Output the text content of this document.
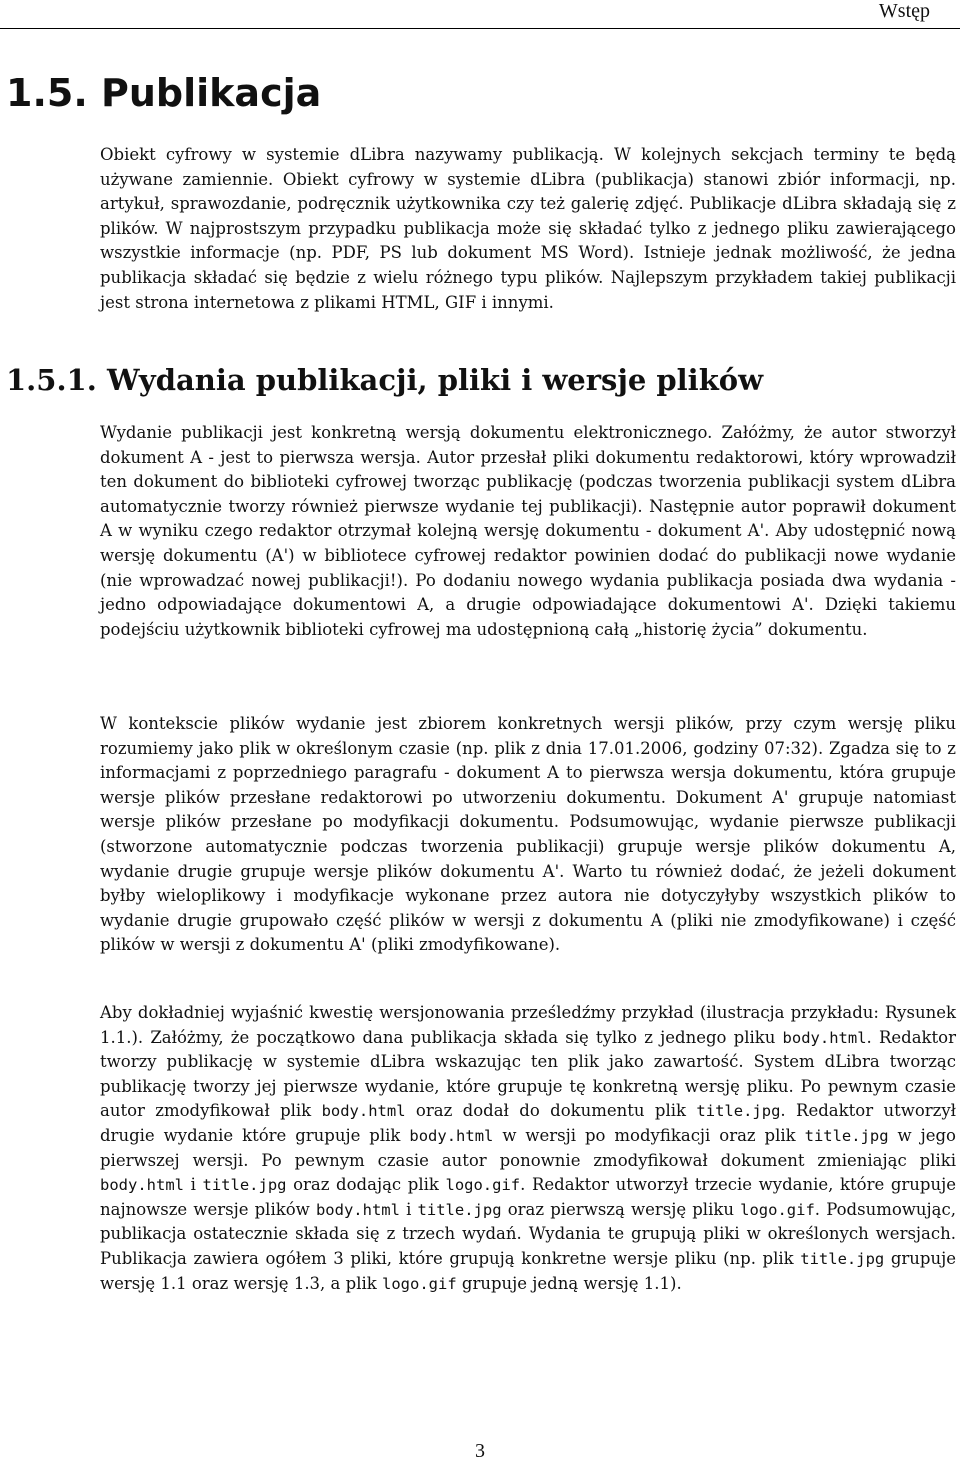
Wstęp
1.5. Publikacja

Obiekt cyfrowy w systemie dLibra nazywamy publikacją. W kolejnych sekcjach terminy te będą używane zamiennie. Obiekt cyfrowy w systemie dLibra (publikacja) stanowi zbiór informacji, np. artykuł, sprawozdanie, podręcznik użytkownika czy też galerię zdjęć. Publikacje dLibra składają się z plików. W najprostszym przypadku publikacja może się składać tylko z jednego pliku zawierającego wszystkie informacje (np. PDF, PS lub dokument MS Word). Istnieje jednak możliwość, że jedna publikacja składać się będzie z wielu różnego typu plików. Najlepszym przykładem takiej publikacji jest strona internetowa z plikami HTML, GIF i innymi.

1.5.1. Wydania publikacji, pliki i wersje plików

Wydanie publikacji jest konkretną wersją dokumentu elektronicznego. Załóżmy, że autor stworzył dokument A - jest to pierwsza wersja. Autor przesłał pliki dokumentu redaktorowi, który wprowadził ten dokument do biblioteki cyfrowej tworząc publikację (podczas tworzenia publikacji system dLibra automatycznie tworzy również pierwsze wydanie tej publikacji). Następnie autor poprawił dokument A w wyniku czego redaktor otrzymał kolejną wersję dokumentu - dokument A'. Aby udostępnić nową wersję dokumentu (A') w bibliotece cyfrowej redaktor powinien dodać do publikacji nowe wydanie (nie wprowadzać nowej publikacji!). Po dodaniu nowego wydania publikacja posiada dwa wydania - jedno odpowiadające dokumentowi A, a drugie odpowiadające dokumentowi A'. Dzięki takiemu podejściu użytkownik biblioteki cyfrowej ma udostępnioną całą „historię życia” dokumentu.

W kontekscie plików wydanie jest zbiorem konkretnych wersji plików, przy czym wersję pliku rozumiemy jako plik w określonym czasie (np. plik z dnia 17.01.2006, godziny 07:32). Zgadza się to z informacjami z poprzedniego paragrafu - dokument A to pierwsza wersja dokumentu, która grupuje wersje plików przesłane redaktorowi po utworzeniu dokumentu. Dokument A' grupuje natomiast wersje plików przesłane po modyfikacji dokumentu. Podsumowując, wydanie pierwsze publikacji (stworzone automatycznie podczas tworzenia publikacji) grupuje wersje plików dokumentu A, wydanie drugie grupuje wersje plików dokumentu A'. Warto tu również dodać, że jeżeli dokument byłby wieloplikowy i modyfikacje wykonane przez autora nie dotyczyłyby wszystkich plików to wydanie drugie grupowało część plików w wersji z dokumentu A (pliki nie zmodyfikowane) i część plików w wersji z dokumentu A' (pliki zmodyfikowane).

Aby dokładniej wyjaśnić kwestię wersjonowania prześledźmy przykład (ilustracja przykładu: Rysunek 1.1.). Załóżmy, że początkowo dana publikacja składa się tylko z jednego pliku body.html. Redaktor tworzy publikację w systemie dLibra wskazując ten plik jako zawartość. System dLibra tworząc publikację tworzy jej pierwsze wydanie, które grupuje tę konkretną wersję pliku. Po pewnym czasie autor zmodyfikował plik body.html oraz dodał do dokumentu plik title.jpg. Redaktor utworzył drugie wydanie które grupuje plik body.html w wersji po modyfikacji oraz plik title.jpg w jego pierwszej wersji. Po pewnym czasie autor ponownie zmodyfikował dokument zmieniając pliki body.html i title.jpg oraz dodając plik logo.gif. Redaktor utworzył trzecie wydanie, które grupuje najnowsze wersje plików body.html i title.jpg oraz pierwszą wersję pliku logo.gif. Podsumowując, publikacja ostatecznie składa się z trzech wydań. Wydania te grupują pliki w określonych wersjach. Publikacja zawiera ogółem 3 pliki, które grupują konkretne wersje pliku (np. plik title.jpg grupuje wersję 1.1 oraz wersję 1.3, a plik logo.gif grupuje jedną wersję 1.1).

3
